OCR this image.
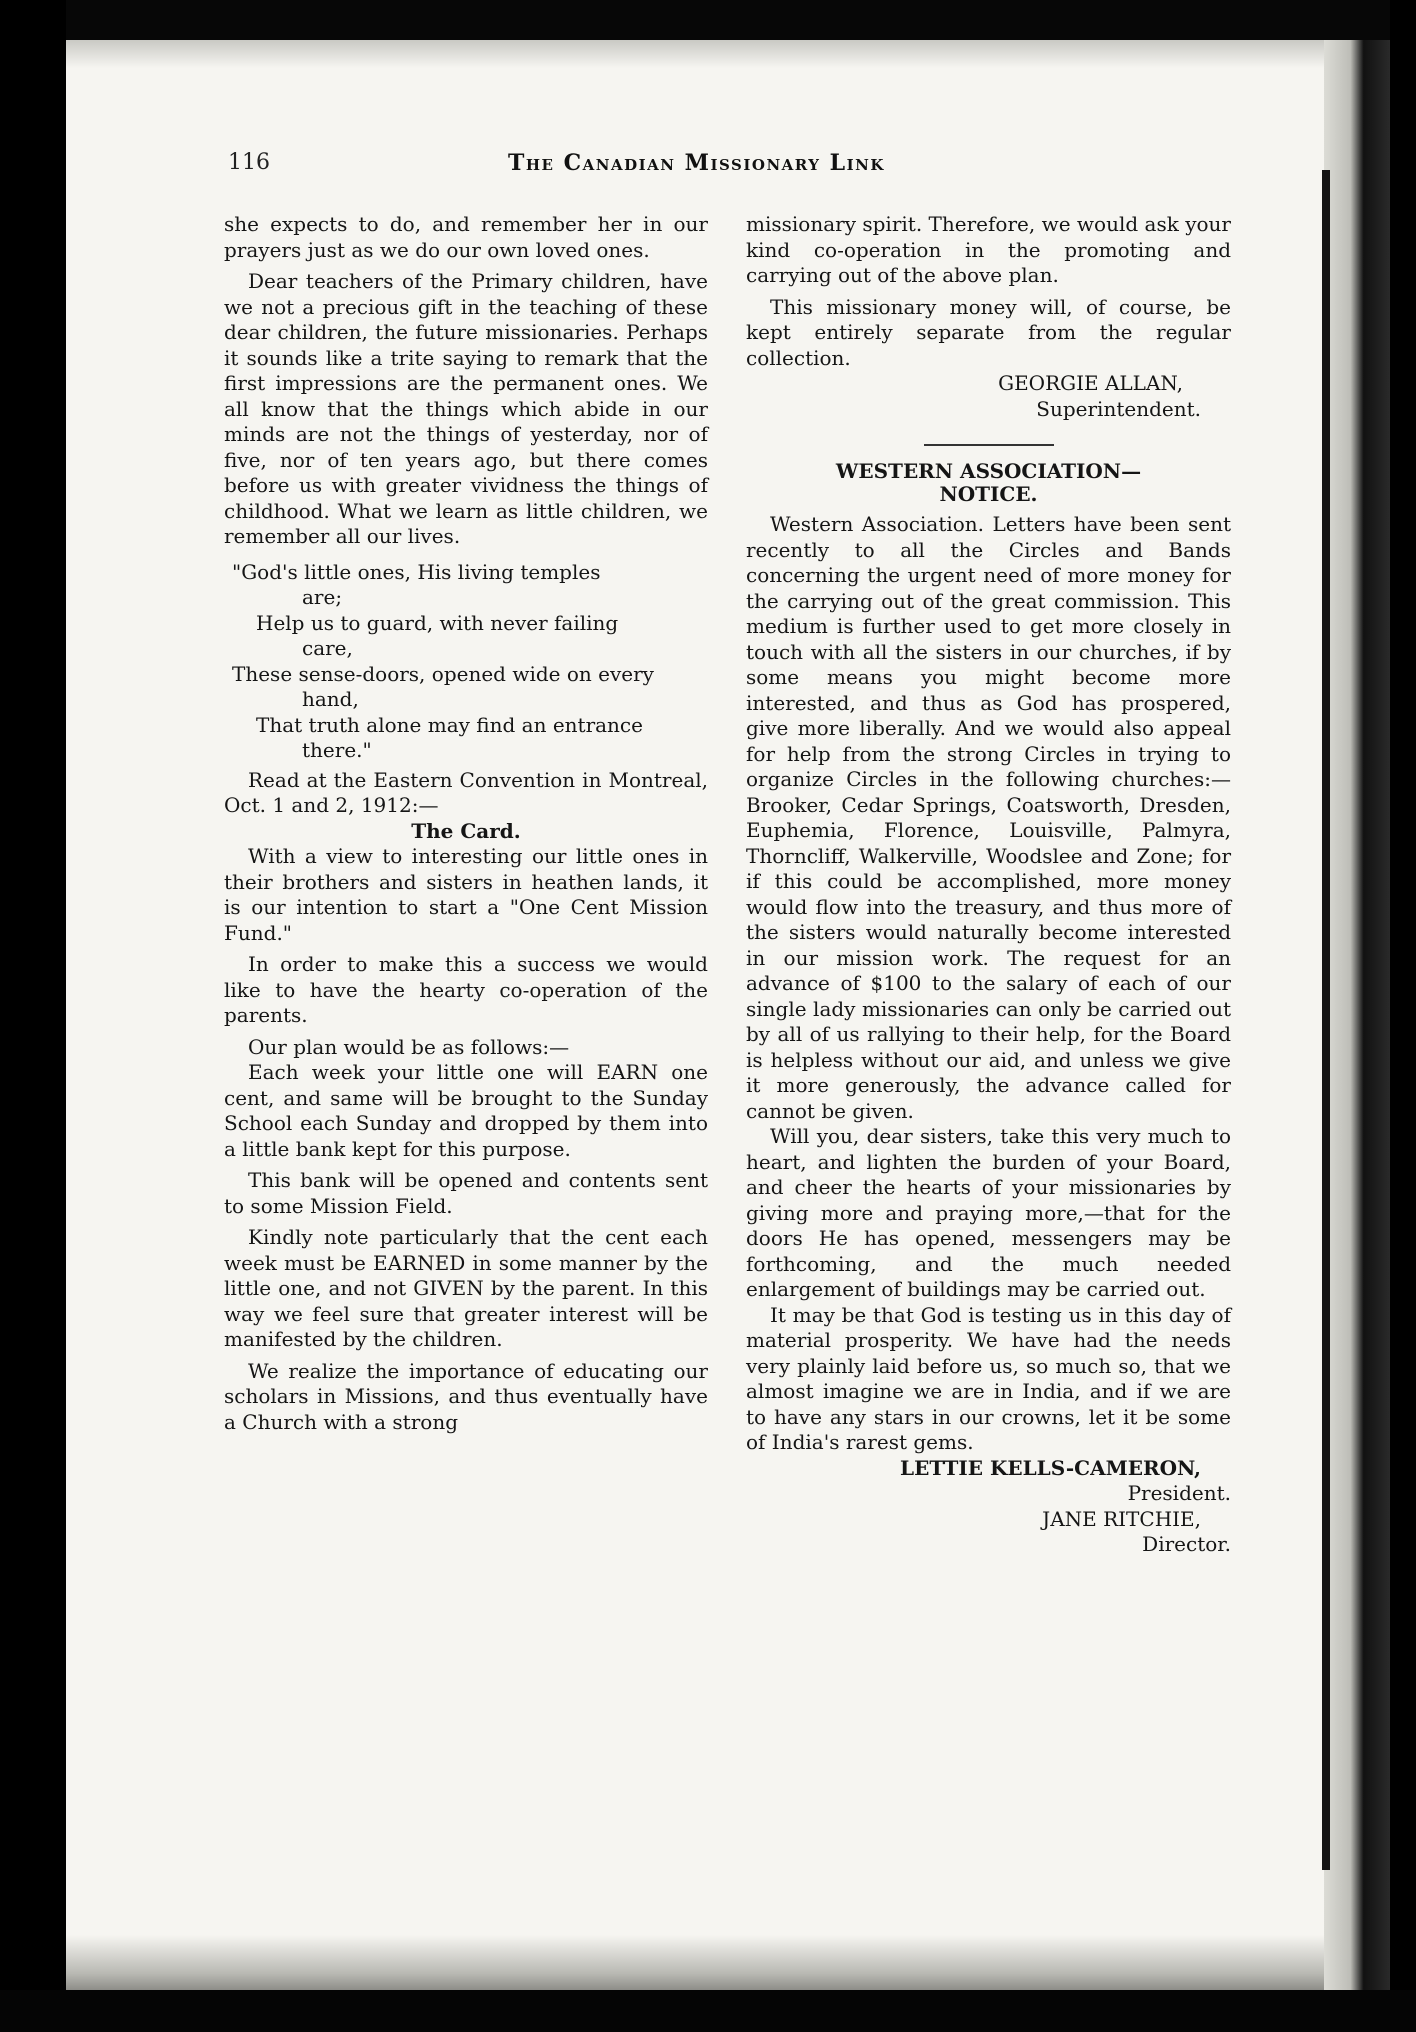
116	The Canadian Missionary Link

she expects to do, and remember her in our prayers just as we do our own loved ones.

Dear teachers of the Primary children, have we not a precious gift in the teaching of these dear children, the future missionaries. Perhaps it sounds like a trite saying to remark that the first impressions are the permanent ones. We all know that the things which abide in our minds are not the things of yesterday, nor of five, nor of ten years ago, but there comes before us with greater vividness the things of childhood. What we learn as little children, we remember all our lives.

"God's little ones, His living temples
are;
Help us to guard, with never failing
care,
These sense-doors, opened wide on every
hand,
That truth alone may find an entrance
there."

Read at the Eastern Convention in Montreal, Oct. 1 and 2, 1912:—

The Card.

With a view to interesting our little ones in their brothers and sisters in heathen lands, it is our intention to start a "One Cent Mission Fund."

In order to make this a success we would like to have the hearty co-operation of the parents.

Our plan would be as follows:—

Each week your little one will EARN one cent, and same will be brought to the Sunday School each Sunday and dropped by them into a little bank kept for this purpose.

This bank will be opened and contents sent to some Mission Field.

Kindly note particularly that the cent each week must be EARNED in some manner by the little one, and not GIVEN by the parent. In this way we feel sure that greater interest will be manifested by the children.

We realize the importance of educating our scholars in Missions, and thus eventually have a Church with a strong

missionary spirit. Therefore, we would ask your kind co-operation in the promoting and carrying out of the above plan.

This missionary money will, of course, be kept entirely separate from the regular collection.

GEORGIE ALLAN,

Superintendent.

WESTERN ASSOCIATION—

NOTICE.

Western Association. Letters have been sent recently to all the Circles and Bands concerning the urgent need of more money for the carrying out of the great commission. This medium is further used to get more closely in touch with all the sisters in our churches, if by some means you might become more interested, and thus as God has prospered, give more liberally. And we would also appeal for help from the strong Circles in trying to organize Circles in the following churches:—Brooker, Cedar Springs, Coatsworth, Dresden, Euphemia, Florence, Louisville, Palmyra, Thorncliff, Walkerville, Woodslee and Zone; for if this could be accomplished, more money would flow into the treasury, and thus more of the sisters would naturally become interested in our mission work. The request for an advance of $100 to the salary of each of our single lady missionaries can only be carried out by all of us rallying to their help, for the Board is helpless without our aid, and unless we give it more generously, the advance called for cannot be given.

Will you, dear sisters, take this very much to heart, and lighten the burden of your Board, and cheer the hearts of your missionaries by giving more and praying more,—that for the doors He has opened, messengers may be forthcoming, and the much needed enlargement of buildings may be carried out.

It may be that God is testing us in this day of material prosperity. We have had the needs very plainly laid before us, so much so, that we almost imagine we are in India, and if we are to have any stars in our crowns, let it be some of India's rarest gems.

LETTIE KELLS-CAMERON,

President.

JANE RITCHIE,

Director.
